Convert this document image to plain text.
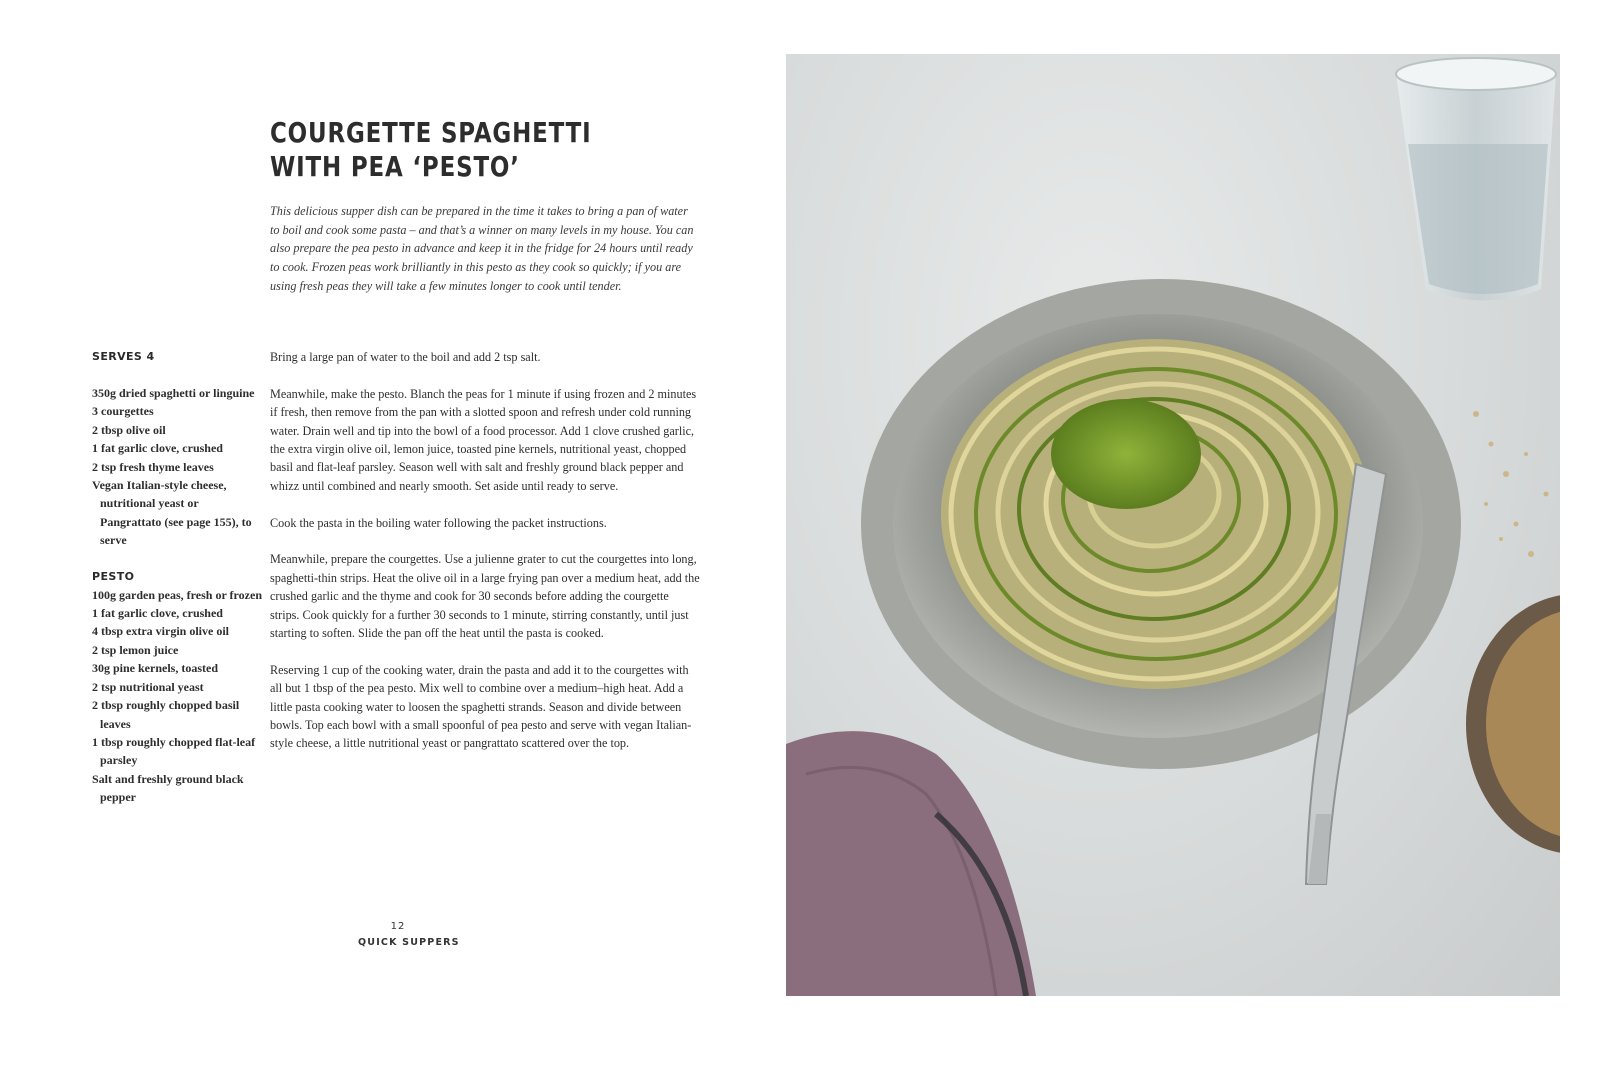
COURGETTE SPAGHETTI
WITH PEA ‘PESTO’

This delicious supper dish can be prepared in the time it takes to bring a pan of water to boil and cook some pasta – and that’s a winner on many levels in my house. You can also prepare the pea pesto in advance and keep it in the fridge for 24 hours until ready to cook. Frozen peas work brilliantly in this pesto as they cook so quickly; if you are using fresh peas they will take a few minutes longer to cook until tender.

SERVES 4
350g dried spaghetti or linguine
3 courgettes
2 tbsp olive oil
1 fat garlic clove, crushed
2 tsp fresh thyme leaves
Vegan Italian-style cheese, nutritional yeast or Pangrattato (see page 155), to serve
PESTO
100g garden peas, fresh or frozen
1 fat garlic clove, crushed
4 tbsp extra virgin olive oil
2 tsp lemon juice
30g pine kernels, toasted
2 tsp nutritional yeast
2 tbsp roughly chopped basil leaves
1 tbsp roughly chopped flat-leaf parsley
Salt and freshly ground black pepper

Bring a large pan of water to the boil and add 2 tsp salt.

Meanwhile, make the pesto. Blanch the peas for 1 minute if using frozen and 2 minutes if fresh, then remove from the pan with a slotted spoon and refresh under cold running water. Drain well and tip into the bowl of a food processor. Add 1 clove crushed garlic, the extra virgin olive oil, lemon juice, toasted pine kernels, nutritional yeast, chopped basil and flat-leaf parsley. Season well with salt and freshly ground black pepper and whizz until combined and nearly smooth. Set aside until ready to serve.

Cook the pasta in the boiling water following the packet instructions.

Meanwhile, prepare the courgettes. Use a julienne grater to cut the courgettes into long, spaghetti-thin strips. Heat the olive oil in a large frying pan over a medium heat, add the crushed garlic and the thyme and cook for 30 seconds before adding the courgette strips. Cook quickly for a further 30 seconds to 1 minute, stirring constantly, until just starting to soften. Slide the pan off the heat until the pasta is cooked.

Reserving 1 cup of the cooking water, drain the pasta and add it to the courgettes with all but 1 tbsp of the pea pesto. Mix well to combine over a medium–high heat. Add a little pasta cooking water to loosen the spaghetti strands. Season and divide between bowls. Top each bowl with a small spoonful of pea pesto and serve with vegan Italian-style cheese, a little nutritional yeast or pangrattato scattered over the top.

12
QUICK SUPPERS
